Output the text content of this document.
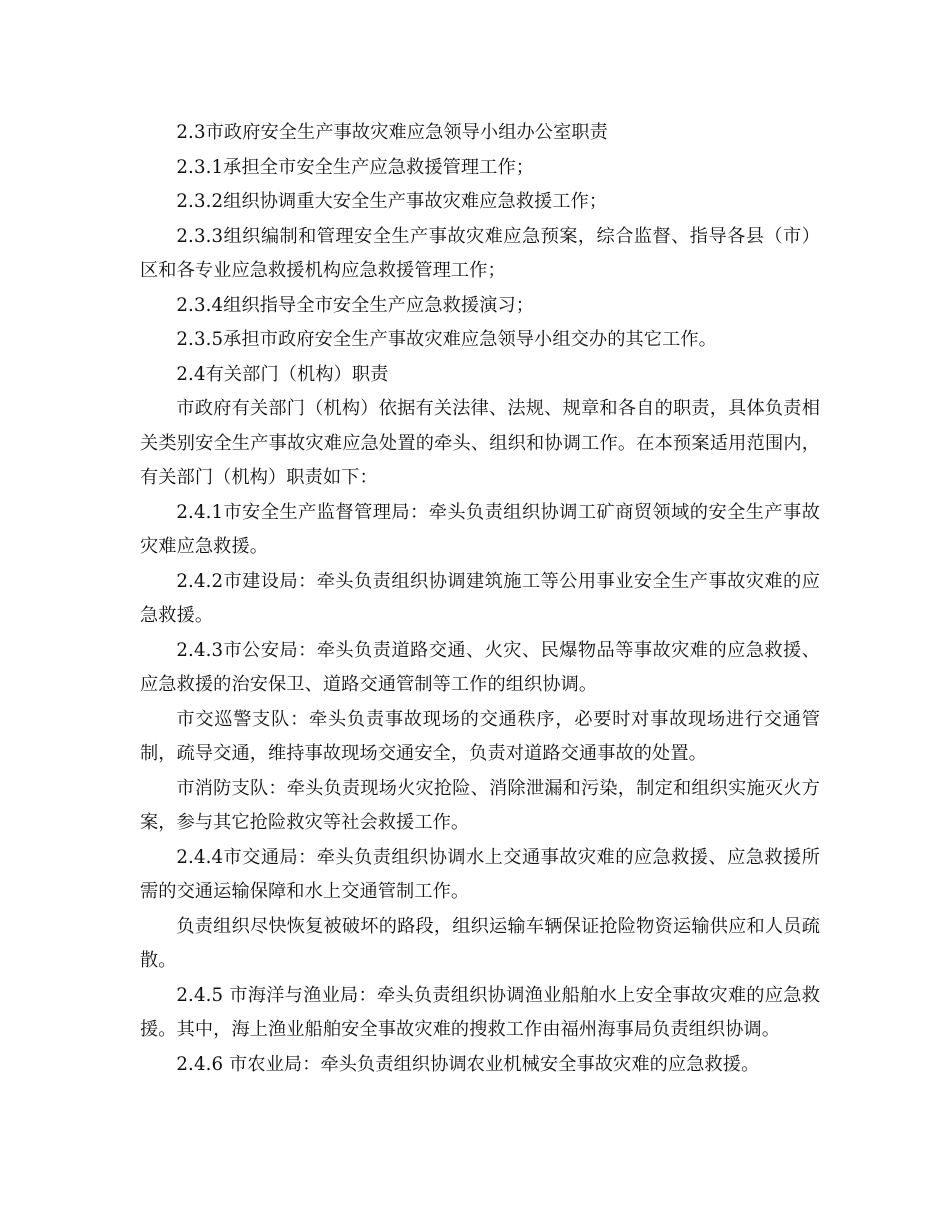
2.3市政府安全生产事故灾难应急领导小组办公室职责

2.3.1承担全市安全生产应急救援管理工作；

2.3.2组织协调重大安全生产事故灾难应急救援工作；

2.3.3组织编制和管理安全生产事故灾难应急预案，综合监督、指导各县（市）区和各专业应急救援机构应急救援管理工作；

2.3.4组织指导全市安全生产应急救援演习；

2.3.5承担市政府安全生产事故灾难应急领导小组交办的其它工作。

2.4有关部门（机构）职责

市政府有关部门（机构）依据有关法律、法规、规章和各自的职责，具体负责相关类别安全生产事故灾难应急处置的牵头、组织和协调工作。在本预案适用范围内，有关部门（机构）职责如下：

2.4.1市安全生产监督管理局：牵头负责组织协调工矿商贸领域的安全生产事故灾难应急救援。

2.4.2市建设局：牵头负责组织协调建筑施工等公用事业安全生产事故灾难的应急救援。

2.4.3市公安局：牵头负责道路交通、火灾、民爆物品等事故灾难的应急救援、应急救援的治安保卫、道路交通管制等工作的组织协调。

市交巡警支队：牵头负责事故现场的交通秩序，必要时对事故现场进行交通管制，疏导交通，维持事故现场交通安全，负责对道路交通事故的处置。

市消防支队：牵头负责现场火灾抢险、消除泄漏和污染，制定和组织实施灭火方案，参与其它抢险救灾等社会救援工作。

2.4.4市交通局：牵头负责组织协调水上交通事故灾难的应急救援、应急救援所需的交通运输保障和水上交通管制工作。

负责组织尽快恢复被破坏的路段，组织运输车辆保证抢险物资运输供应和人员疏散。

2.4.5 市海洋与渔业局：牵头负责组织协调渔业船舶水上安全事故灾难的应急救援。其中，海上渔业船舶安全事故灾难的搜救工作由福州海事局负责组织协调。

2.4.6 市农业局：牵头负责组织协调农业机械安全事故灾难的应急救援。
